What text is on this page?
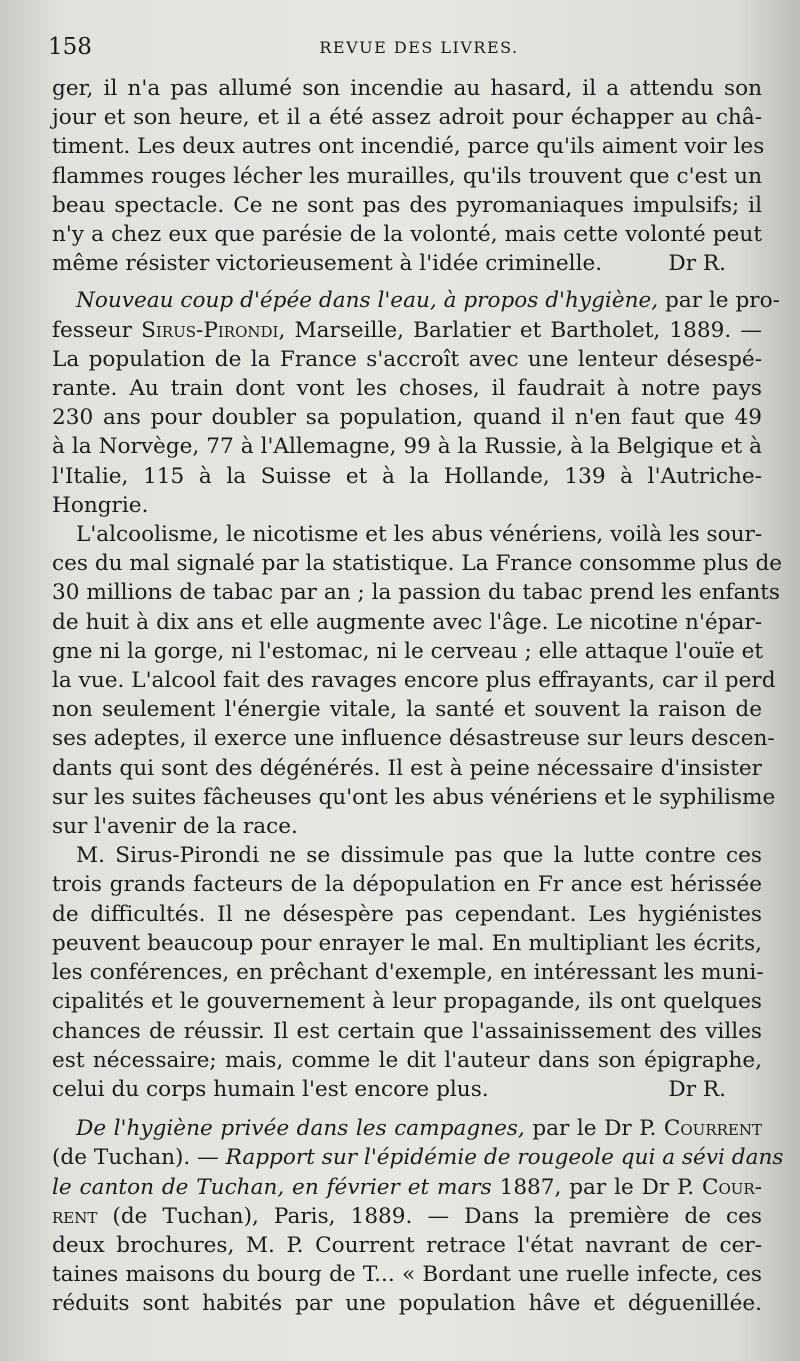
158	REVUE DES LIVRES.
ger, il n'a pas allumé son incendie au hasard, il a attendu son
jour et son heure, et il a été assez adroit pour échapper au châ-
timent. Les deux autres ont incendié, parce qu'ils aiment voir les
flammes rouges lécher les murailles, qu'ils trouvent que c'est un
beau spectacle. Ce ne sont pas des pyromaniaques impulsifs; il
n'y a chez eux que parésie de la volonté, mais cette volonté peut
même résister victorieusement à l'idée criminelle.	Dr R.
Nouveau coup d'épée dans l'eau, à propos d'hygiène, par le pro-
fesseur Sirus-Pirondi, Marseille, Barlatier et Bartholet, 1889. —
La population de la France s'accroît avec une lenteur désespé-
rante. Au train dont vont les choses, il faudrait à notre pays
230 ans pour doubler sa population, quand il n'en faut que 49
à la Norvège, 77 à l'Allemagne, 99 à la Russie, à la Belgique et à
l'Italie, 115 à la Suisse et à la Hollande, 139 à l'Autriche-
Hongrie.
L'alcoolisme, le nicotisme et les abus vénériens, voilà les sour-
ces du mal signalé par la statistique. La France consomme plus de
30 millions de tabac par an ; la passion du tabac prend les enfants
de huit à dix ans et elle augmente avec l'âge. Le nicotine n'épar-
gne ni la gorge, ni l'estomac, ni le cerveau ; elle attaque l'ouïe et
la vue. L'alcool fait des ravages encore plus effrayants, car il perd
non seulement l'énergie vitale, la santé et souvent la raison de
ses adeptes, il exerce une influence désastreuse sur leurs descen-
dants qui sont des dégénérés. Il est à peine nécessaire d'insister
sur les suites fâcheuses qu'ont les abus vénériens et le syphilisme
sur l'avenir de la race.
M. Sirus-Pirondi ne se dissimule pas que la lutte contre ces
trois grands facteurs de la dépopulation en Fr ance est hérissée
de difficultés. Il ne désespère pas cependant. Les hygiénistes
peuvent beaucoup pour enrayer le mal. En multipliant les écrits,
les conférences, en prêchant d'exemple, en intéressant les muni-
cipalités et le gouvernement à leur propagande, ils ont quelques
chances de réussir. Il est certain que l'assainissement des villes
est nécessaire; mais, comme le dit l'auteur dans son épigraphe,
celui du corps humain l'est encore plus.	Dr R.
De l'hygiène privée dans les campagnes, par le Dr P. Courrent
(de Tuchan). — Rapport sur l'épidémie de rougeole qui a sévi dans
le canton de Tuchan, en février et mars 1887, par le Dr P. Cour-
rent (de Tuchan), Paris, 1889. — Dans la première de ces
deux brochures, M. P. Courrent retrace l'état navrant de cer-
taines maisons du bourg de T... « Bordant une ruelle infecte, ces
réduits sont habités par une population hâve et déguenillée.
